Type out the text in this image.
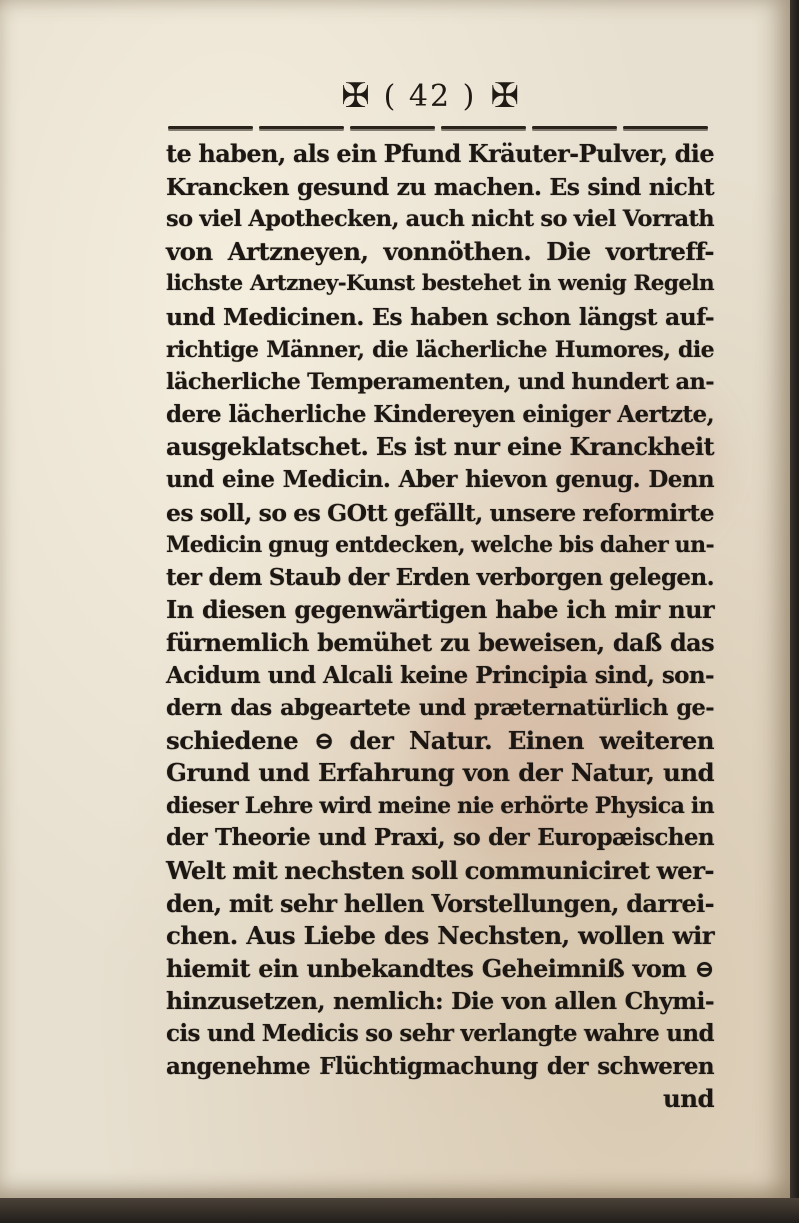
✠ ( 42 ) ✠
te haben, als ein Pfund Kräuter-Pulver, die
Krancken gesund zu machen. Es sind nicht
so viel Apothecken, auch nicht so viel Vorrath
von Artzneyen, vonnöthen. Die vortreff-
lichste Artzney-Kunst bestehet in wenig Regeln
und Medicinen. Es haben schon längst auf-
richtige Männer, die lächerliche Humores, die
lächerliche Temperamenten, und hundert an-
dere lächerliche Kindereyen einiger Aertzte,
ausgeklatschet. Es ist nur eine Kranckheit
und eine Medicin. Aber hievon genug. Denn
es soll, so es GOtt gefällt, unsere reformirte
Medicin gnug entdecken, welche bis daher un-
ter dem Staub der Erden verborgen gelegen.
In diesen gegenwärtigen habe ich mir nur
fürnemlich bemühet zu beweisen, daß das
Acidum und Alcali keine Principia sind, son-
dern das abgeartete und præternatürlich ge-
schiedene ⊖ der Natur. Einen weiteren
Grund und Erfahrung von der Natur, und
dieser Lehre wird meine nie erhörte Physica in
der Theorie und Praxi, so der Europæischen
Welt mit nechsten soll communiciret wer-
den, mit sehr hellen Vorstellungen, darrei-
chen. Aus Liebe des Nechsten, wollen wir
hiemit ein unbekandtes Geheimniß vom ⊖
hinzusetzen, nemlich: Die von allen Chymi-
cis und Medicis so sehr verlangte wahre und
angenehme Flüchtigmachung der schweren
und
